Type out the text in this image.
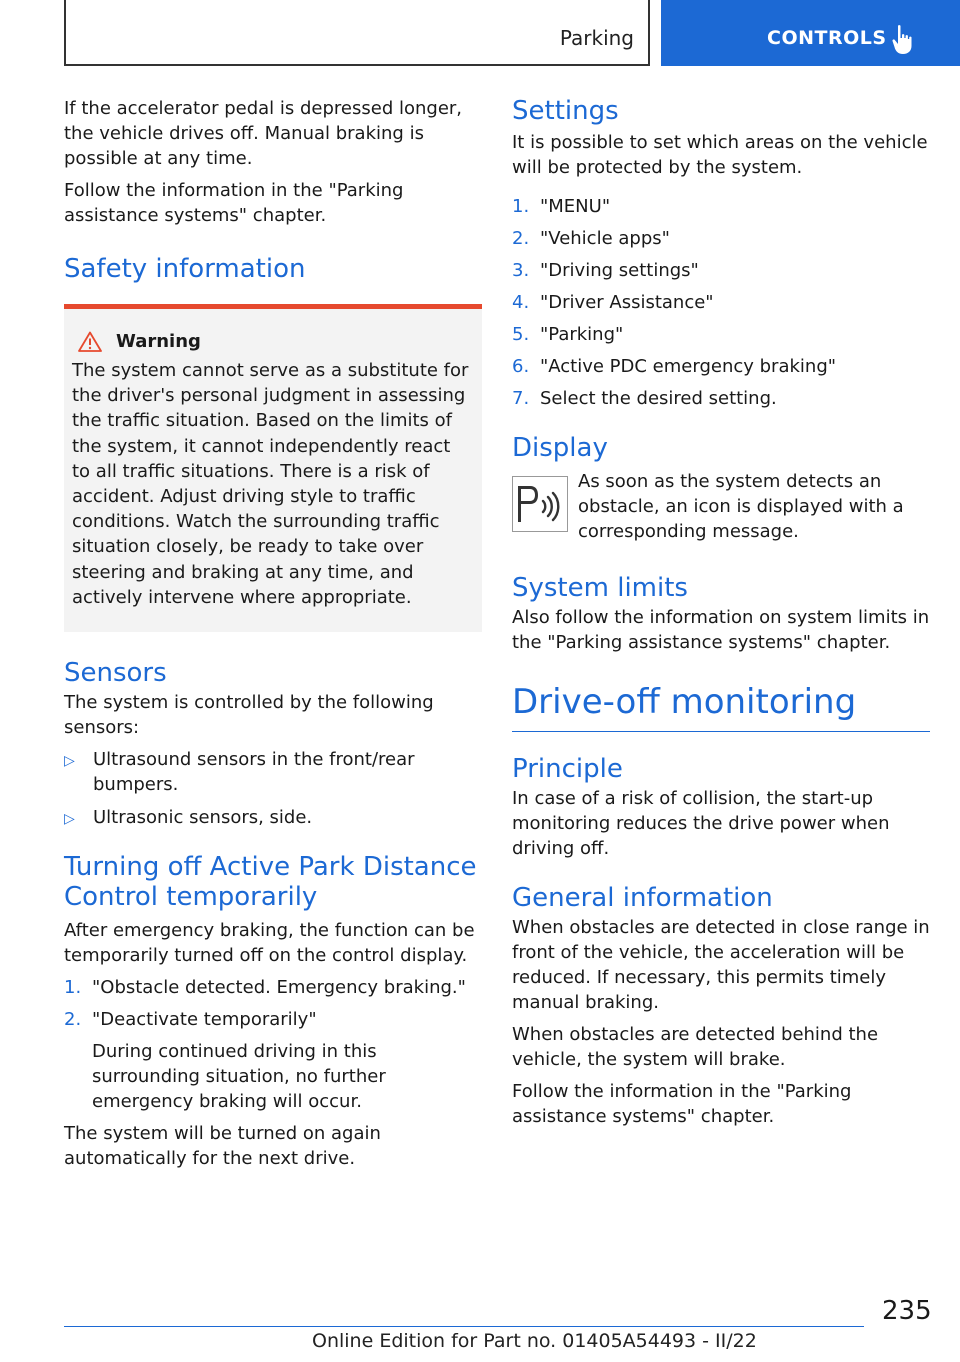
Parking	CONTROLS

If the accelerator pedal is depressed longer, the vehicle drives off. Manual braking is possible at any time.

Follow the information in the "Parking assistance systems" chapter.

Safety information
Warning
The system cannot serve as a substitute for the driver's personal judgment in assessing the traffic situation. Based on the limits of the system, it cannot independently react to all traffic situations. There is a risk of accident. Adjust driving style to traffic conditions. Watch the surrounding traffic situation closely, be ready to take over steering and braking at any time, and actively intervene where appropriate.
Sensors

The system is controlled by the following sensors:

▷	Ultrasound sensors in the front/rear bumpers.
▷	Ultrasonic sensors, side.
Turning off Active Park Distance Control temporarily

After emergency braking, the function can be temporarily turned off on the control display.

1. "Obstacle detected. Emergency braking."
2. "Deactivate temporarily"

During continued driving in this surrounding situation, no further emergency braking will occur.

The system will be turned on again automatically for the next drive.

Settings

It is possible to set which areas on the vehicle will be protected by the system.

1. "MENU"
2. "Vehicle apps"
3. "Driving settings"
4. "Driver Assistance"
5. "Parking"
6. "Active PDC emergency braking"
7. Select the desired setting.
Display

As soon as the system detects an obstacle, an icon is displayed with a corresponding message.

System limits

Also follow the information on system limits in the "Parking assistance systems" chapter.

Drive-off monitoring
Principle

In case of a risk of collision, the start-up monitoring reduces the drive power when driving off.

General information

When obstacles are detected in close range in front of the vehicle, the acceleration will be reduced. If necessary, this permits timely manual braking.

When obstacles are detected behind the vehicle, the system will brake.

Follow the information in the "Parking assistance systems" chapter.

235
Online Edition for Part no. 01405A54493 - II/22
